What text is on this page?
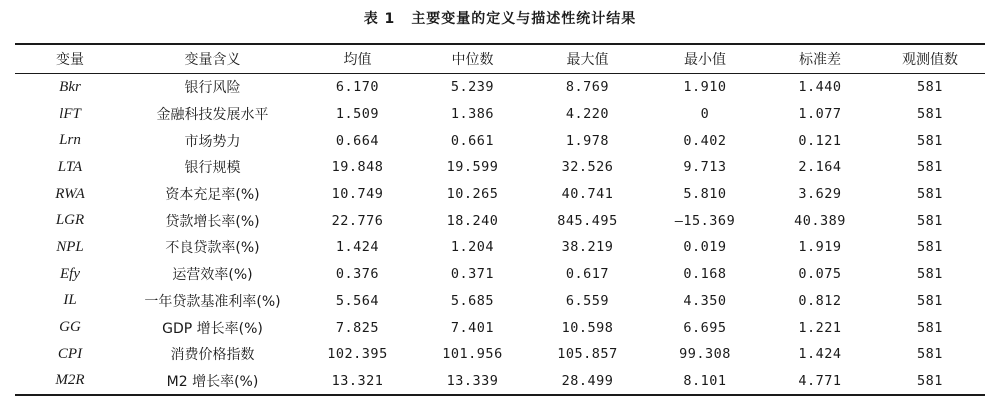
表 1 主要变量的定义与描述性统计结果
变量	变量含义	均值	中位数	最大值	最小值	标准差	观测值数
Bkr	银行风险	6.170	5.239	8.769	1.910	1.440	581
lFT	金融科技发展水平	1.509	1.386	4.220	0	1.077	581
Lrn	市场势力	0.664	0.661	1.978	0.402	0.121	581
LTA	银行规模	19.848	19.599	32.526	9.713	2.164	581
RWA	资本充足率(%)	10.749	10.265	40.741	5.810	3.629	581
LGR	贷款增长率(%)	22.776	18.240	845.495	—15.369	40.389	581
NPL	不良贷款率(%)	1.424	1.204	38.219	0.019	1.919	581
Efy	运营效率(%)	0.376	0.371	0.617	0.168	0.075	581
IL	一年贷款基准利率(%)	5.564	5.685	6.559	4.350	0.812	581
GG	GDP 增长率(%)	7.825	7.401	10.598	6.695	1.221	581
CPI	消费价格指数	102.395	101.956	105.857	99.308	1.424	581
M2R	M2 增长率(%)	13.321	13.339	28.499	8.101	4.771	581
